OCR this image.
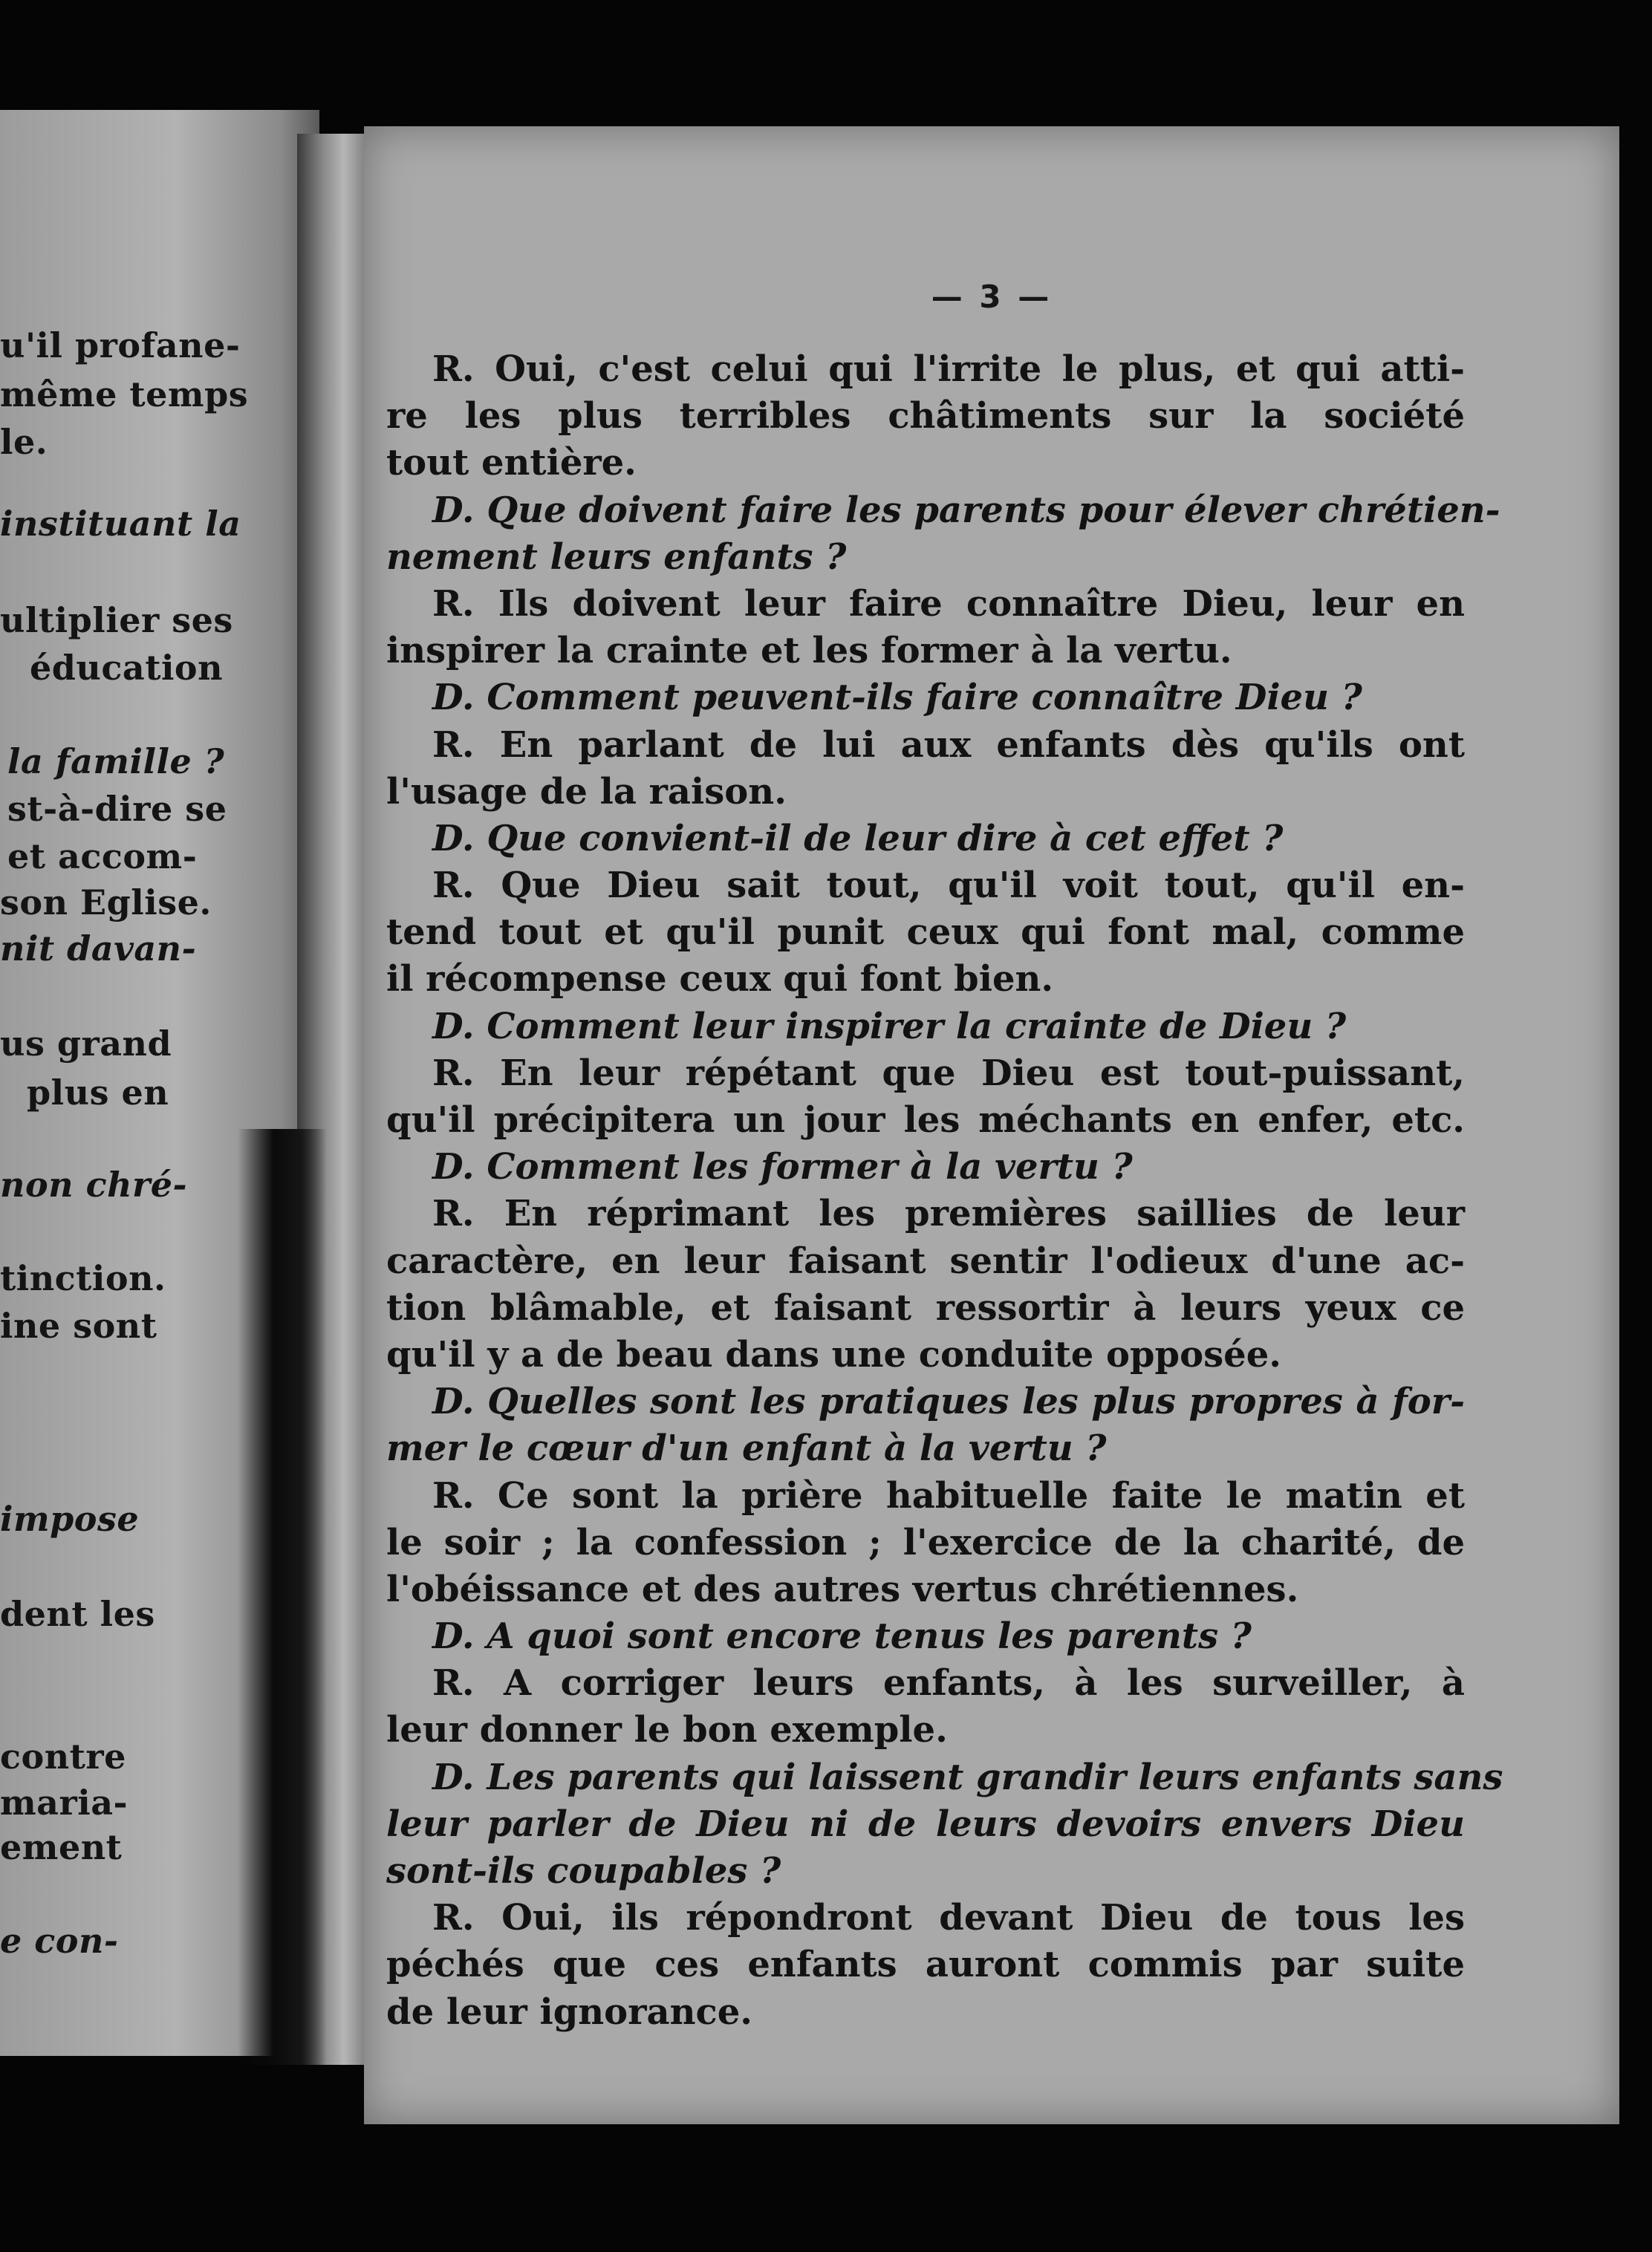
u'il profane-
même temps
le.
instituant la
ultiplier ses
éducation
la famille ?
st-à-dire se
et accom-
son Eglise.
nit davan-
us grand
plus en
non chré-
tinction.
ine sont
impose
dent les
contre
maria-
ement
e con-
— 3 —
R. Oui, c'est celui qui l'irrite le plus, et qui atti-
re les plus terribles châtiments sur la société
tout entière.
D. Que doivent faire les parents pour élever chrétien-
nement leurs enfants ?
R. Ils doivent leur faire connaître Dieu, leur en
inspirer la crainte et les former à la vertu.
D. Comment peuvent-ils faire connaître Dieu ?
R. En parlant de lui aux enfants dès qu'ils ont
l'usage de la raison.
D. Que convient-il de leur dire à cet effet ?
R. Que Dieu sait tout, qu'il voit tout, qu'il en-
tend tout et qu'il punit ceux qui font mal, comme
il récompense ceux qui font bien.
D. Comment leur inspirer la crainte de Dieu ?
R. En leur répétant que Dieu est tout-puissant,
qu'il précipitera un jour les méchants en enfer, etc.
D. Comment les former à la vertu ?
R. En réprimant les premières saillies de leur
caractère, en leur faisant sentir l'odieux d'une ac-
tion blâmable, et faisant ressortir à leurs yeux ce
qu'il y a de beau dans une conduite opposée.
D. Quelles sont les pratiques les plus propres à for-
mer le cœur d'un enfant à la vertu ?
R. Ce sont la prière habituelle faite le matin et
le soir ; la confession ; l'exercice de la charité, de
l'obéissance et des autres vertus chrétiennes.
D. A quoi sont encore tenus les parents ?
R. A corriger leurs enfants, à les surveiller, à
leur donner le bon exemple.
D. Les parents qui laissent grandir leurs enfants sans
leur parler de Dieu ni de leurs devoirs envers Dieu
sont-ils coupables ?
R. Oui, ils répondront devant Dieu de tous les
péchés que ces enfants auront commis par suite
de leur ignorance.
